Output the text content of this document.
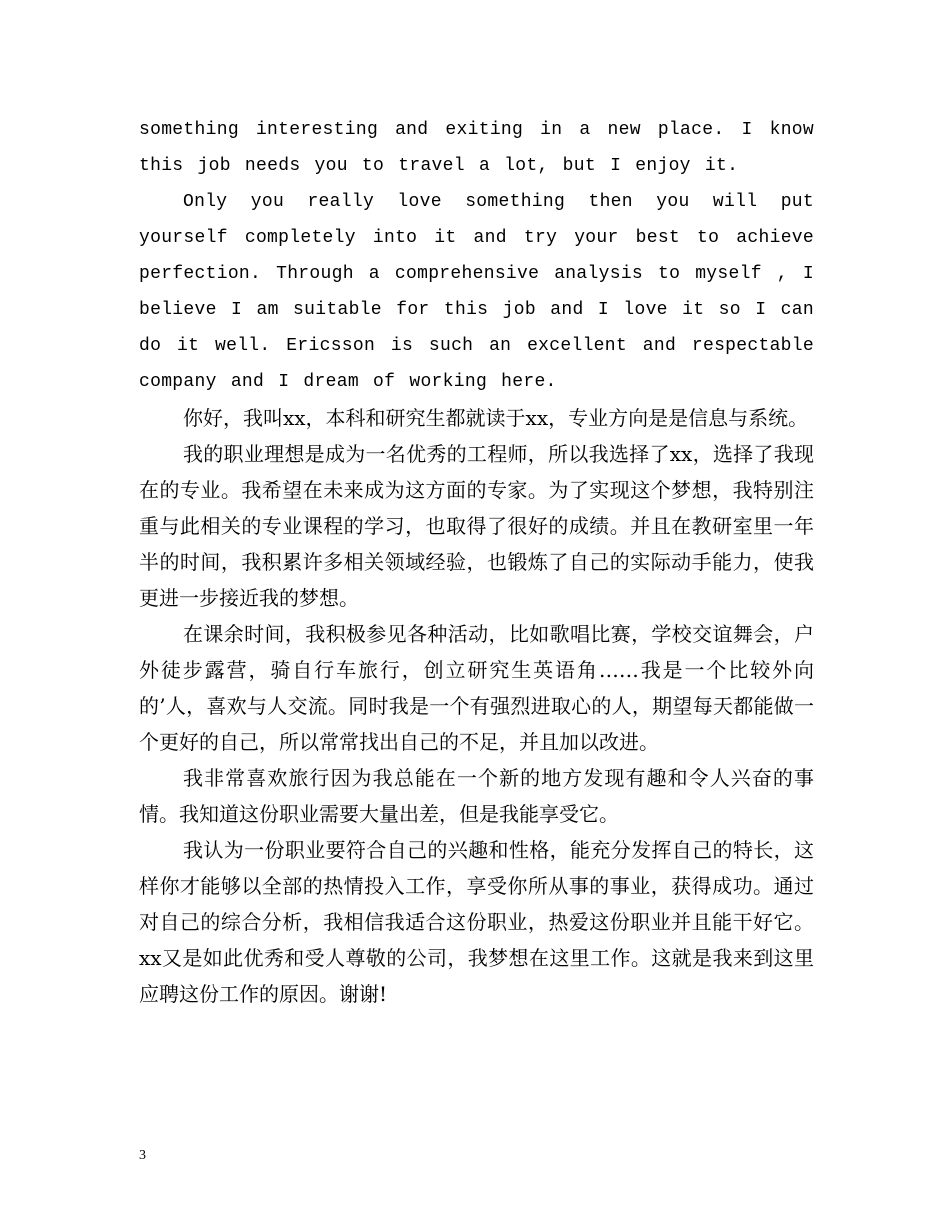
something interesting and exiting in a new place. I know this job needs you to travel a lot, but I enjoy it.

Only you really love something then you will put yourself completely into it and try your best to achieve perfection. Through a comprehensive analysis to myself , I believe I am suitable for this job and I love it so I can do it well. Ericsson is such an excellent and respectable company and I dream of working here.

你好，我叫xx，本科和研究生都就读于xx，专业方向是是信息与系统。

我的职业理想是成为一名优秀的工程师，所以我选择了xx，选择了我现在的专业。我希望在未来成为这方面的专家。为了实现这个梦想，我特别注重与此相关的专业课程的学习，也取得了很好的成绩。并且在教研室里一年半的时间，我积累许多相关领域经验，也锻炼了自己的实际动手能力，使我更进一步接近我的梦想。

在课余时间，我积极参见各种活动，比如歌唱比赛，学校交谊舞会，户外徒步露营，骑自行车旅行，创立研究生英语角……我是一个比较外向的’人，喜欢与人交流。同时我是一个有强烈进取心的人，期望每天都能做一个更好的自己，所以常常找出自己的不足，并且加以改进。

我非常喜欢旅行因为我总能在一个新的地方发现有趣和令人兴奋的事情。我知道这份职业需要大量出差，但是我能享受它。

我认为一份职业要符合自己的兴趣和性格，能充分发挥自己的特长，这样你才能够以全部的热情投入工作，享受你所从事的事业，获得成功。通过对自己的综合分析，我相信我适合这份职业，热爱这份职业并且能干好它。xx又是如此优秀和受人尊敬的公司，我梦想在这里工作。这就是我来到这里应聘这份工作的原因。谢谢!

3
